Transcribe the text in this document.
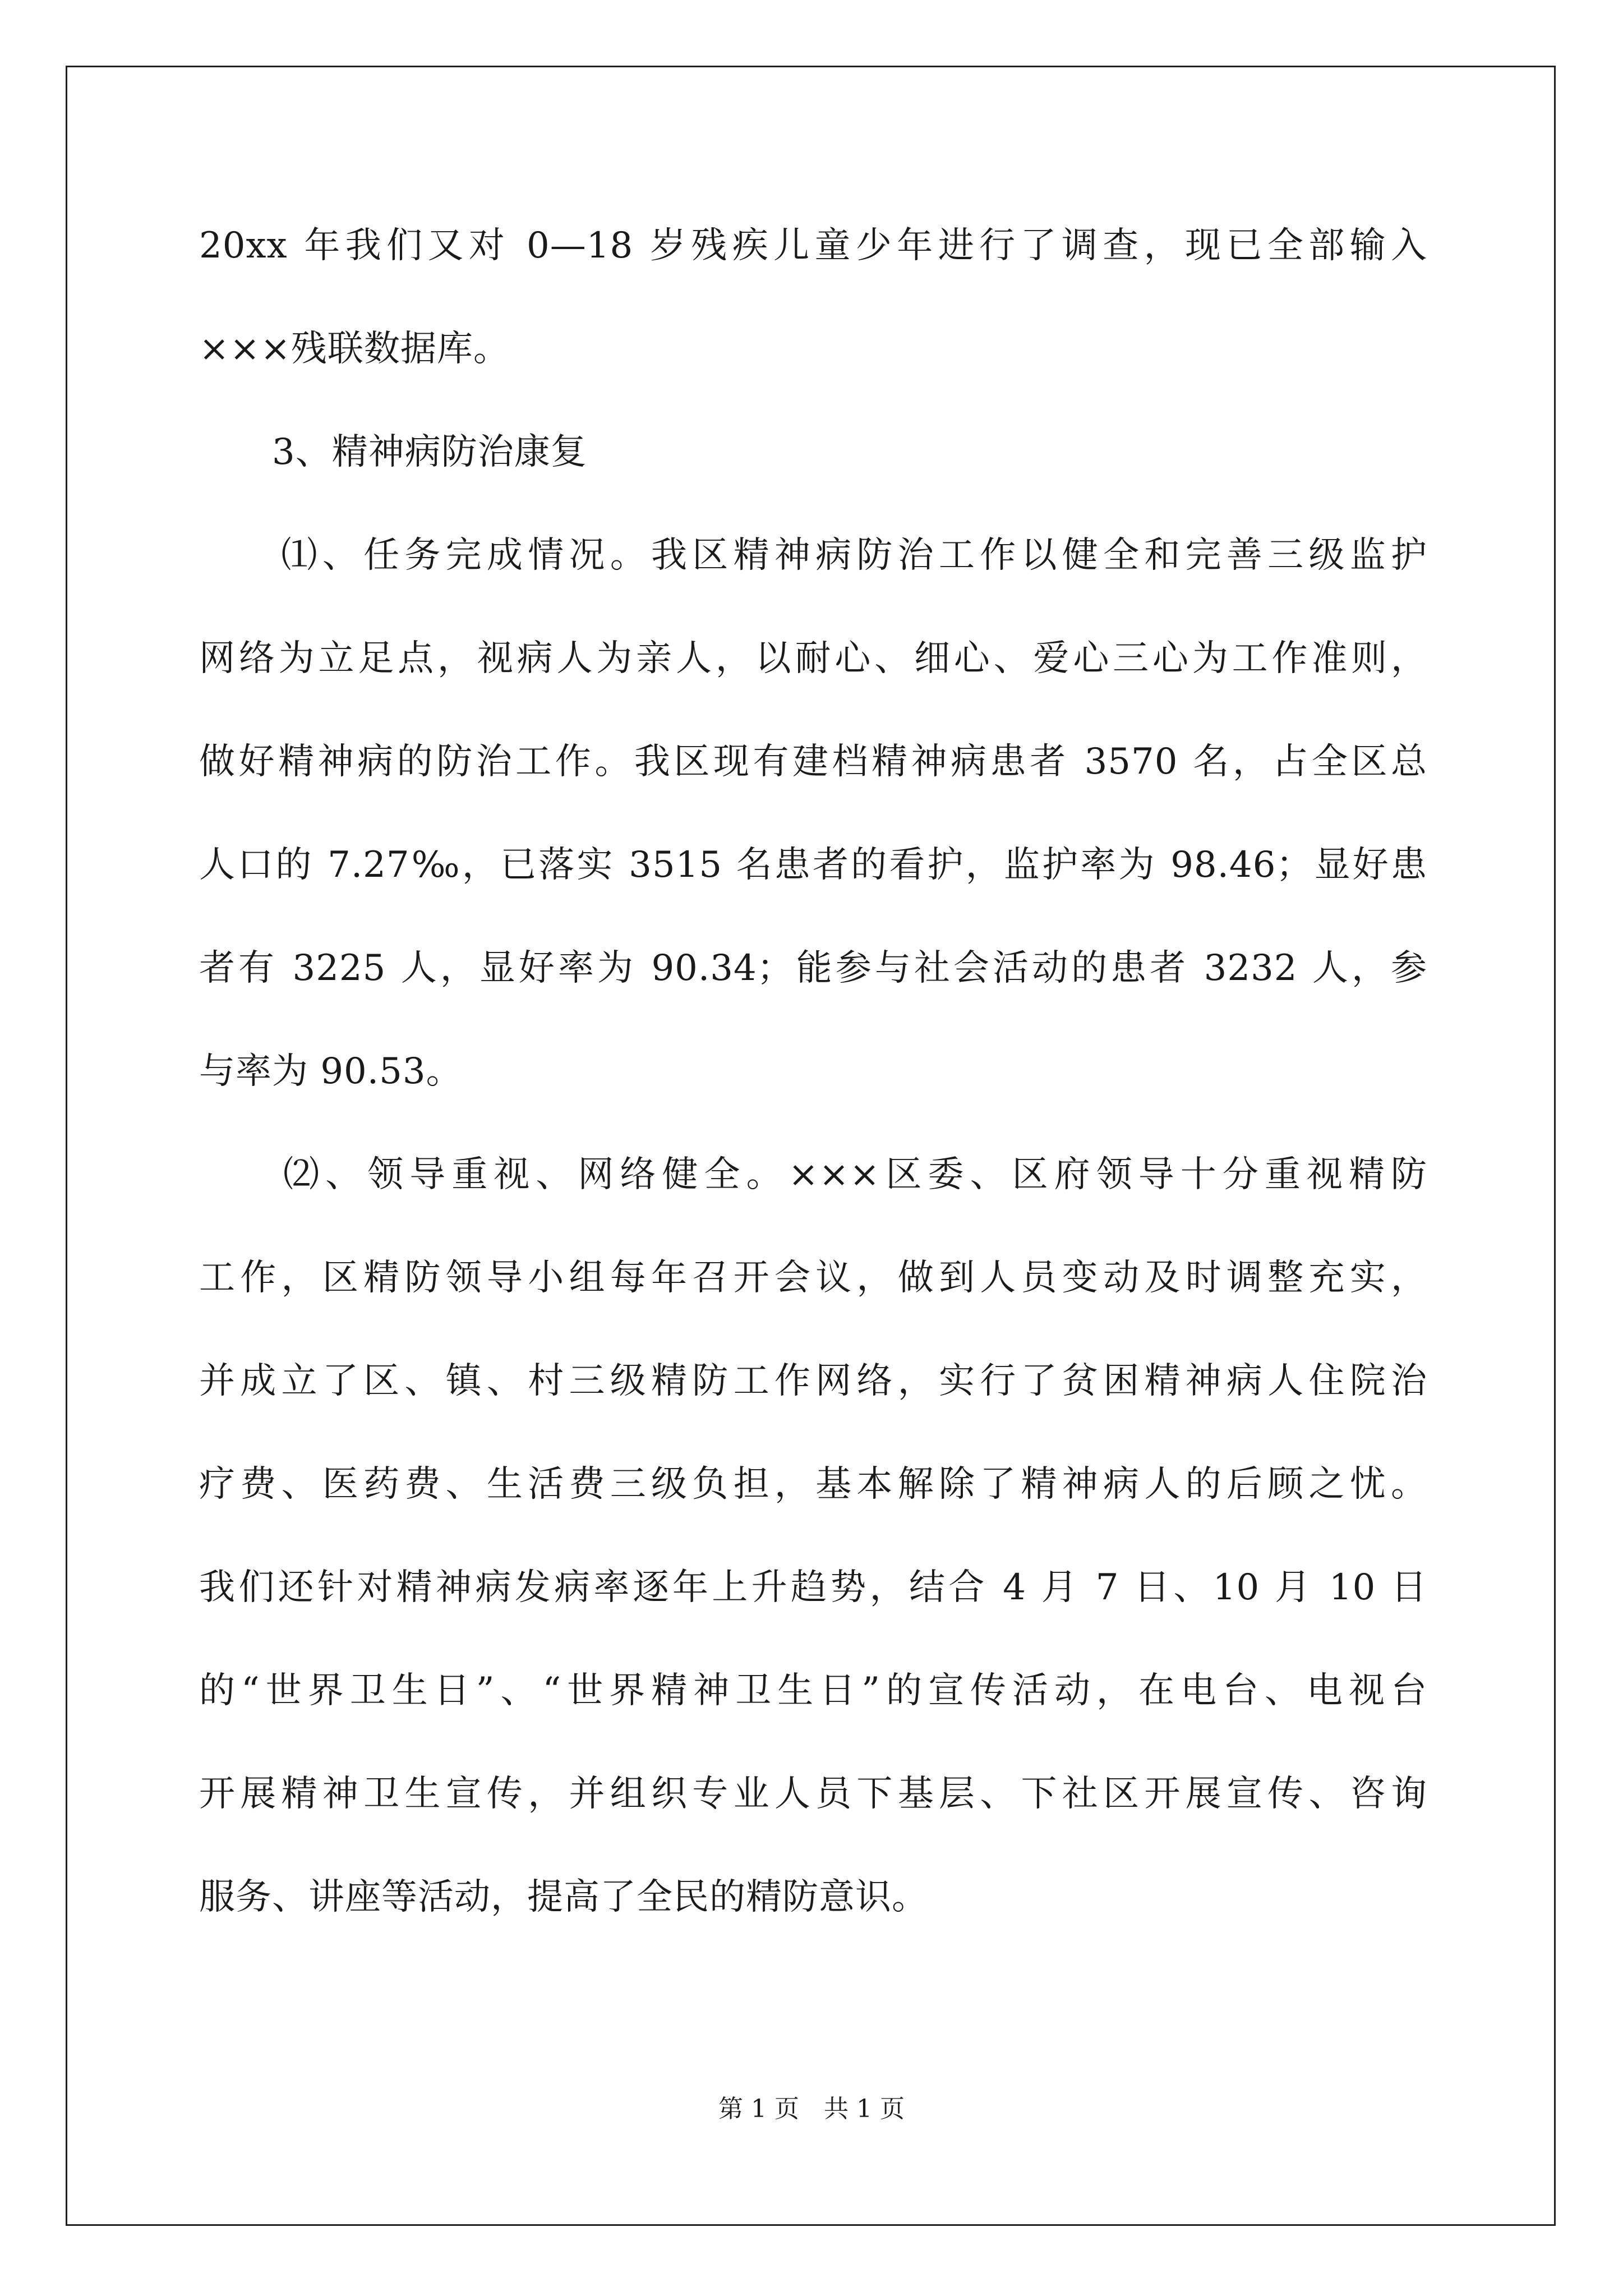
20xx 年我们又对 0—18 岁残疾儿童少年进行了调查，现已全部输入
×××残联数据库。
　　3、精神病防治康复
　　⑴、任务完成情况。我区精神病防治工作以健全和完善三级监护
网络为立足点，视病人为亲人，以耐心、细心、爱心三心为工作准则，
做好精神病的防治工作。我区现有建档精神病患者 3570 名，占全区总
人口的 7.27‰，已落实 3515 名患者的看护，监护率为 98.46；显好患
者有 3225 人，显好率为 90.34；能参与社会活动的患者 3232 人，参
与率为 90.53。
　　⑵、领导重视、网络健全。×××区委、区府领导十分重视精防
工作，区精防领导小组每年召开会议，做到人员变动及时调整充实，
并成立了区、镇、村三级精防工作网络，实行了贫困精神病人住院治
疗费、医药费、生活费三级负担，基本解除了精神病人的后顾之忧。
我们还针对精神病发病率逐年上升趋势，结合 4 月 7 日、10 月 10 日
的“世界卫生日”、“世界精神卫生日”的宣传活动，在电台、电视台
开展精神卫生宣传，并组织专业人员下基层、下社区开展宣传、咨询
服务、讲座等活动，提高了全民的精防意识。
第 1 页　共 1 页
